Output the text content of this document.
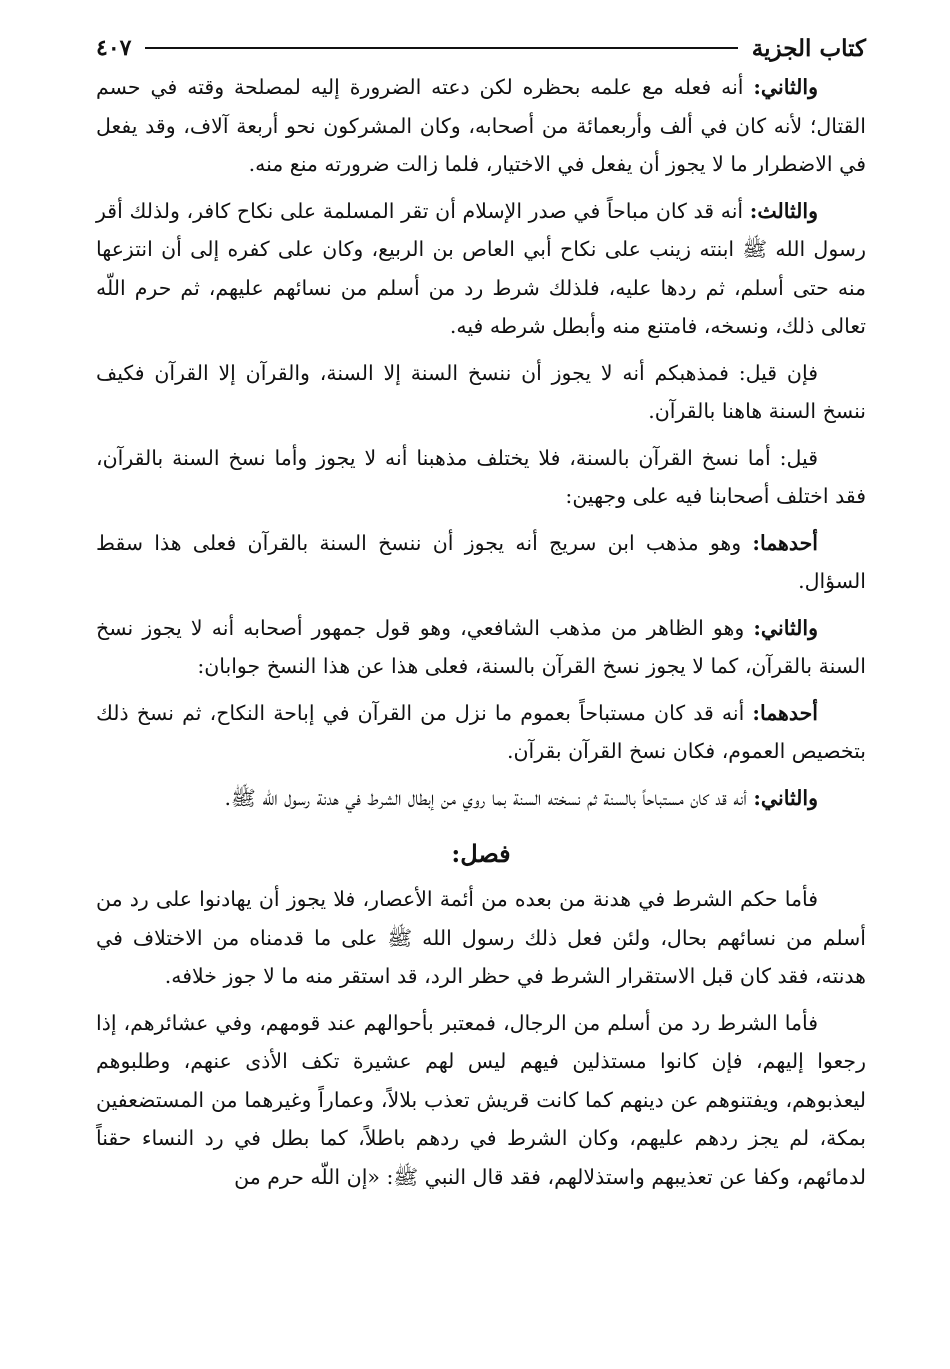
كتاب الجزية
٤٠٧

والثاني: أنه فعله مع علمه بحظره لكن دعته الضرورة إليه لمصلحة وقته في حسم القتال؛ لأنه كان في ألف وأربعمائة من أصحابه، وكان المشركون نحو أربعة آلاف، وقد يفعل في الاضطرار ما لا يجوز أن يفعل في الاختيار، فلما زالت ضرورته منع منه.

والثالث: أنه قد كان مباحاً في صدر الإسلام أن تقر المسلمة على نكاح كافر، ولذلك أقر رسول الله ﷺ ابنته زينب على نكاح أبي العاص بن الربيع، وكان على كفره إلى أن انتزعها منه حتى أسلم، ثم ردها عليه، فلذلك شرط رد من أسلم من نسائهم عليهم، ثم حرم اللّه تعالى ذلك، ونسخه، فامتنع منه وأبطل شرطه فيه.

فإن قيل: فمذهبكم أنه لا يجوز أن ننسخ السنة إلا السنة، والقرآن إلا القرآن فكيف ننسخ السنة هاهنا بالقرآن.

قيل: أما نسخ القرآن بالسنة، فلا يختلف مذهبنا أنه لا يجوز وأما نسخ السنة بالقرآن، فقد اختلف أصحابنا فيه على وجهين:

أحدهما: وهو مذهب ابن سريج أنه يجوز أن ننسخ السنة بالقرآن فعلى هذا سقط السؤال.

والثاني: وهو الظاهر من مذهب الشافعي، وهو قول جمهور أصحابه أنه لا يجوز نسخ السنة بالقرآن، كما لا يجوز نسخ القرآن بالسنة، فعلى هذا عن هذا النسخ جوابان:

أحدهما: أنه قد كان مستباحاً بعموم ما نزل من القرآن في إباحة النكاح، ثم نسخ ذلك بتخصيص العموم، فكان نسخ القرآن بقرآن.

والثاني: أنه قد كان مستباحاً بالسنة ثم نسخته السنة بما روي من إبطال الشرط في هدنة رسول الله ﷺ.

فصل:

فأما حكم الشرط في هدنة من بعده من أئمة الأعصار، فلا يجوز أن يهادنوا على رد من أسلم من نسائهم بحال، ولئن فعل ذلك رسول الله ﷺ على ما قدمناه من الاختلاف في هدنته، فقد كان قبل الاستقرار الشرط في حظر الرد، قد استقر منه ما لا جوز خلافه.

فأما الشرط رد من أسلم من الرجال، فمعتبر بأحوالهم عند قومهم، وفي عشائرهم، إذا رجعوا إليهم، فإن كانوا مستذلين فيهم ليس لهم عشيرة تكف الأذى عنهم، وطلبوهم ليعذبوهم، ويفتنوهم عن دينهم كما كانت قريش تعذب بلالاً، وعماراً وغيرهما من المستضعفين بمكة، لم يجز ردهم عليهم، وكان الشرط في ردهم باطلاً، كما بطل في رد النساء حقناً لدمائهم، وكفا عن تعذيبهم واستذلالهم، فقد قال النبي ﷺ: «إن اللّه حرم من
